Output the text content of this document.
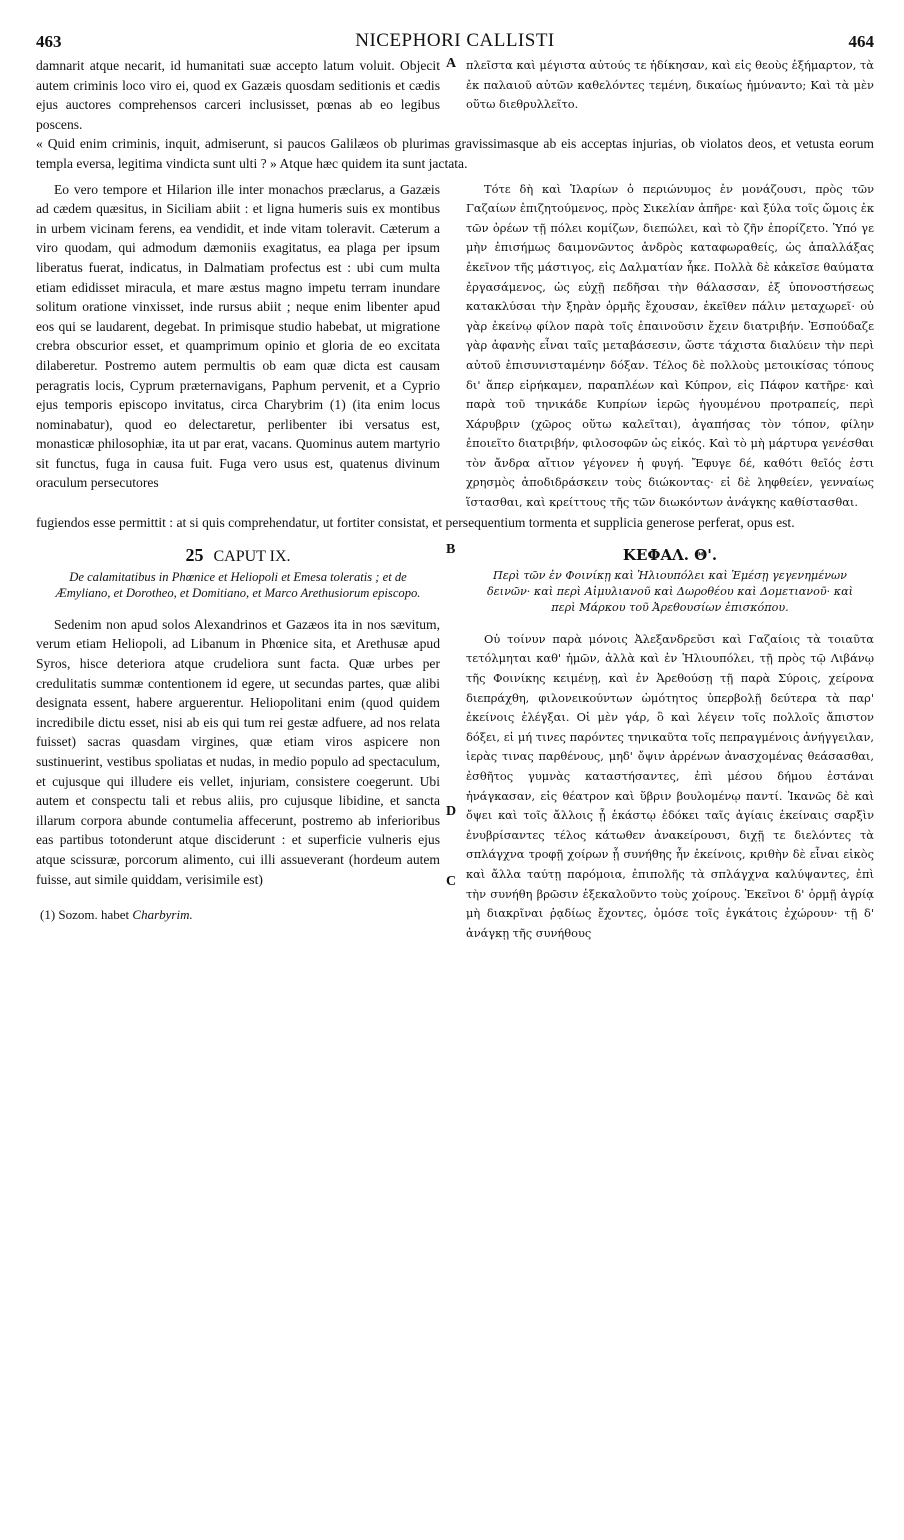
463	NICEPHORI CALLISTI	464

damnarit atque necarit, id humanitati suæ accepto latum voluit. Objecit autem criminis loco viro ei, quod ex Gazæis quosdam seditionis et cædis ejus auctores comprehensos carceri inclusisset, pœnas ab eo legibus poscens.

A πλεῖστα καὶ μέγιστα αὐτούς τε ἠδίκησαν, καὶ εἰς θεοὺς ἐξήμαρτον, τὰ ἐκ παλαιοῦ αὐτῶν καθελόντες τεμένη, δικαίως ἠμύναντο; Καὶ τὰ μὲν οὕτω διεθρυλλεῖτο.

« Quid enim criminis, inquit, admiserunt, si paucos Galilæos ob plurimas gravissimasque ab eis acceptas injurias, ob violatos deos, et vetusta eorum templa eversa, legitima vindicta sunt ulti ? » Atque hæc quidem ita sunt jactata.

Eo vero tempore et Hilarion ille inter monachos præclarus, a Gazæis ad cædem quæsitus, in Siciliam abiit : et ligna humeris suis ex montibus in urbem vicinam ferens, ea vendidit, et inde vitam toleravit. Cæterum a viro quodam, qui admodum dæmoniis exagitatus, ea plaga per ipsum liberatus fuerat, indicatus, in Dalmatiam profectus est : ubi cum multa etiam edidisset miracula, et mare æstus magno impetu terram inundare solitum oratione vinxisset, inde rursus abiit ; neque enim libenter apud eos qui se laudarent, degebat. In primisque studio habebat, ut migratione crebra obscurior esset, et quamprimum opinio et gloria de eo excitata dilaberetur. Postremo autem permultis ob eam quæ dicta est causam peragratis locis, Cyprum præternavigans, Paphum pervenit, et a Cyprio ejus temporis episcopo invitatus, circa Charybrim (1) (ita enim locus nominabatur), quod eo delectaretur, perlibenter ibi versatus est, monasticæ philosophiæ, ita ut par erat, vacans. Quominus autem martyrio sit functus, fuga in causa fuit. Fuga vero usus est, quatenus divinum oraculum persecutores

B
C

Τότε δὴ καὶ Ἱλαρίων ὁ περιώνυμος ἐν μονάζουσι, πρὸς τῶν Γαζαίων ἐπιζητούμενος, πρὸς Σικελίαν ἀπῆρε· καὶ ξύλα τοῖς ὤμοις ἐκ τῶν ὀρέων τῇ πόλει κομίζων, διεπώλει, καὶ τὸ ζῆν ἐπορίζετο. Ὑπό γε μὴν ἐπισήμως δαιμονῶντος ἀνδρὸς καταφωραθείς, ὡς ἀπαλλάξας ἐκεῖνον τῆς μάστιγος, εἰς Δαλματίαν ἧκε. Πολλὰ δὲ κἀκεῖσε θαύματα ἐργασάμενος, ὡς εὐχῇ πεδῆσαι τὴν θάλασσαν, ἐξ ὑπονοστήσεως κατακλύσαι τὴν ξηρὰν ὁρμῆς ἔχουσαν, ἐκεῖθεν πάλιν μεταχωρεῖ· οὐ γὰρ ἐκείνῳ φίλον παρὰ τοῖς ἐπαινοῦσιν ἔχειν διατριβήν. Ἐσπούδαζε γὰρ ἀφανὴς εἶναι ταῖς μεταβάσεσιν, ὥστε τάχιστα διαλύειν τὴν περὶ αὐτοῦ ἐπισυνισταμένην δόξαν. Τέλος δὲ πολλοὺς μετοικίσας τόπους δι' ἅπερ εἰρήκαμεν, παραπλέων καὶ Κύπρον, εἰς Πάφον κατῆρε· καὶ παρὰ τοῦ τηνικάδε Κυπρίων ἱερῶς ἡγουμένου προτραπείς, περὶ Χάρυβριν (χῶρος οὕτω καλεῖται), ἀγαπήσας τὸν τόπον, φίλην ἐποιεῖτο διατριβήν, φιλοσοφῶν ὡς εἰκός. Καὶ τὸ μὴ μάρτυρα γενέσθαι τὸν ἄνδρα αἴτιον γέγονεν ἡ φυγή. Ἔφυγε δέ, καθότι θεῖός ἐστι χρησμὸς ἀποδιδράσκειν τοὺς διώκοντας· εἰ δὲ ληφθείεν, γενναίως ἵστασθαι, καὶ κρείττους τῆς τῶν διωκόντων ἀνάγκης καθίστασθαι.

fugiendos esse permittit : at si quis comprehendatur, ut fortiter consistat, et persequentium tormenta et supplicia generose perferat, opus est.

25 CAPUT IX.
De calamitatibus in Phœnice et Heliopoli et Emesa toleratis ; et de Æmyliano, et Dorotheo, et Domitiano, et Marco Arethusiorum episcopo.

Sedenim non apud solos Alexandrinos et Gazæos ita in nos sævitum, verum etiam Heliopoli, ad Libanum in Phœnice sita, et Arethusæ apud Syros, hisce deteriora atque crudeliora sunt facta. Quæ urbes per credulitatis summæ contentionem id egere, ut secundas partes, quæ alibi designata essent, habere arguerentur. Heliopolitani enim (quod quidem incredibile dictu esset, nisi ab eis qui tum rei gestæ adfuere, ad nos relata fuisset) sacras quasdam virgines, quæ etiam viros aspicere non sustinuerint, vestibus spoliatas et nudas, in medio populo ad spectaculum, et cujusque qui illudere eis vellet, injuriam, consistere coegerunt. Ubi autem et conspectu tali et rebus aliis, pro cujusque libidine, et sancta illarum corpora abunde contumelia affecerunt, postremo ab inferioribus eas partibus totonderunt atque disciderunt : et superficie vulneris ejus atque scissuræ, porcorum alimento, cui illi assueverant (hordeum autem fuisse, aut simile quiddam, verisimile est)

(1) Sozom. habet Charbyrim.
D
ΚΕΦΑΛ. Θ'.
Περὶ τῶν ἐν Φοινίκῃ καὶ Ἡλιουπόλει καὶ Ἐμέσῃ γεγενημένων δεινῶν· καὶ περὶ Αἰμυλιανοῦ καὶ Δωροθέου καὶ Δομετιανοῦ· καὶ περὶ Μάρκου τοῦ Ἀρεθουσίων ἐπισκόπου.

Οὐ τοίνυν παρὰ μόνοις Ἀλεξανδρεῦσι καὶ Γαζαίοις τὰ τοιαῦτα τετόλμηται καθ' ἡμῶν, ἀλλὰ καὶ ἐν Ἡλιουπόλει, τῇ πρὸς τῷ Λιβάνῳ τῆς Φοινίκης κειμένῃ, καὶ ἐν Ἀρεθούσῃ τῇ παρὰ Σύροις, χείρονα διεπράχθη, φιλονεικούντων ὠμότητος ὑπερβολῇ δεύτερα τὰ παρ' ἐκείνοις ἐλέγξαι. Οἱ μὲν γάρ, ὃ καὶ λέγειν τοῖς πολλοῖς ἄπιστον δόξει, εἰ μή τινες παρόντες τηνικαῦτα τοῖς πεπραγμένοις ἀνήγγειλαν, ἱερὰς τινας παρθένους, μηδ' ὄψιν ἀρρένων ἀνασχομένας θεάσασθαι, ἐσθῆτος γυμνὰς καταστήσαντες, ἐπὶ μέσου δήμου ἑστάναι ἠνάγκασαν, εἰς θέατρον καὶ ὕβριν βουλομένῳ παντί. Ἱκανῶς δὲ καὶ ὄψει καὶ τοῖς ἄλλοις ᾗ ἑκάστῳ ἐδόκει ταῖς ἁγίαις ἐκείναις σαρξὶν ἐνυβρίσαντες τέλος κάτωθεν ἀνακείρουσι, διχῇ τε διελόντες τὰ σπλάγχνα τροφῇ χοίρων ᾗ συνήθης ἦν ἐκείνοις, κριθὴν δὲ εἶναι εἰκὸς καὶ ἄλλα ταύτῃ παρόμοια, ἐπιπολῆς τὰ σπλάγχνα καλύψαντες, ἐπὶ τὴν συνήθη βρῶσιν ἐξεκαλοῦντο τοὺς χοίρους. Ἐκεῖνοι δ' ὁρμῇ ἀγρίᾳ μὴ διακρῖναι ῥᾳδίως ἔχοντες, ὁμόσε τοῖς ἐγκάτοις ἐχώρουν· τῇ δ' ἀνάγκῃ τῆς συνήθους
